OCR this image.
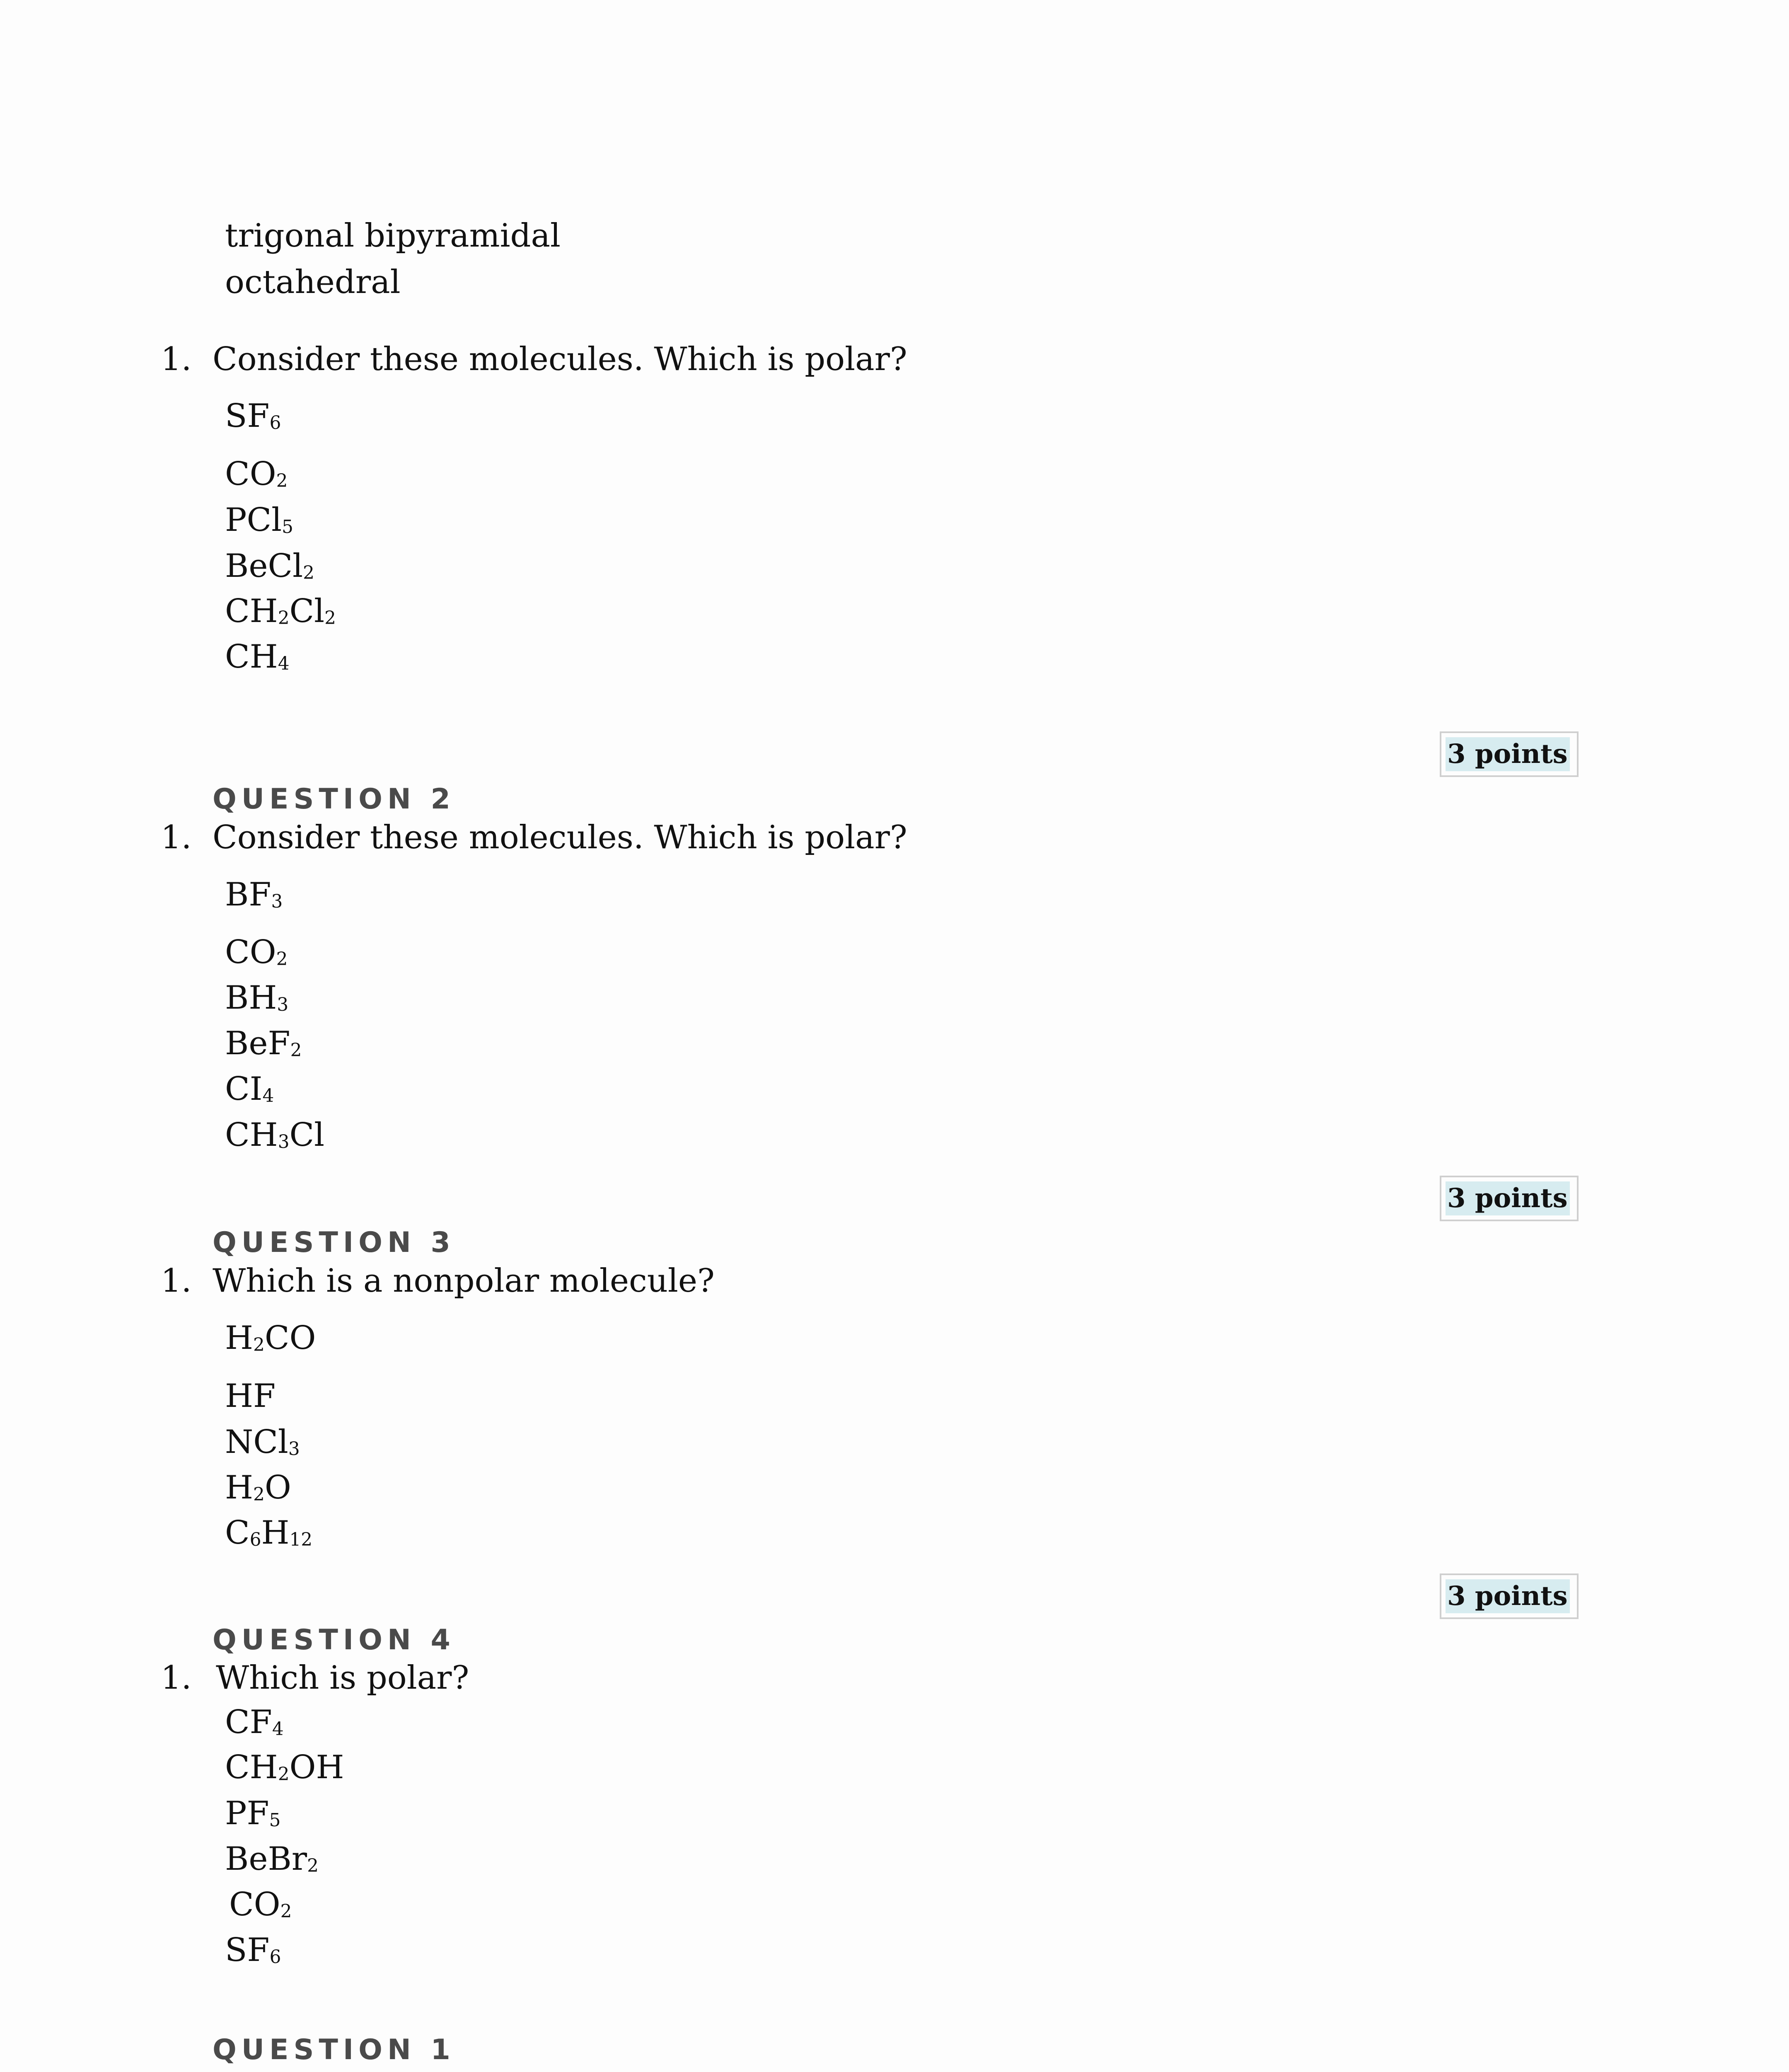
trigonal bipyramidal
octahedral
1. Consider these molecules. Which is polar?
$SF_6$
$CO_2$
PCl$_5$
BeCl$_2$
$CH_2Cl_2$
$CH_4$
3 points
QUESTION 2
1. Consider these molecules. Which is polar?
$BF_3$
$CO_2$
$BH_3$
BeF$_2$
$CI_4$
$CH_3Cl$
3 points
QUESTION 3
1. Which is a nonpolar molecule?
$H_2CO$
HF
NCl$_3$
$H_2O$
$C_6H_{12}$
3 points
QUESTION 4
1. Which is polar?
$CF_4$
$CH_2OH$
$PF_5$
BeBr$_2$
$CO_2$
$SF_6$
QUESTION 1
